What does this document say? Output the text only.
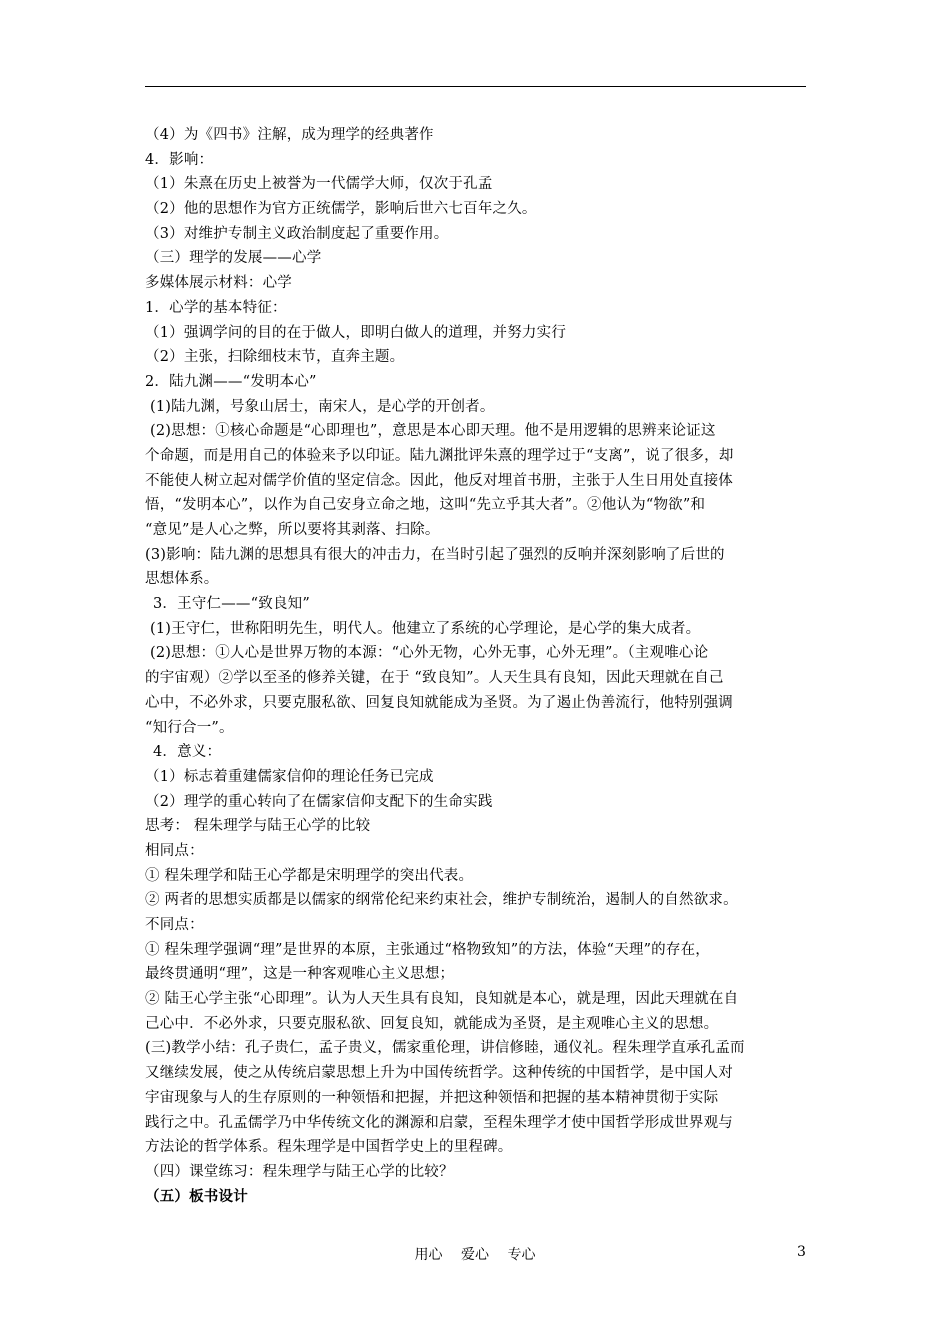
（4）为《四书》注解，成为理学的经典著作
4．影响：
（1）朱熹在历史上被誉为一代儒学大师，仅次于孔孟
（2）他的思想作为官方正统儒学，影响后世六七百年之久。
（3）对维护专制主义政治制度起了重要作用。
（三）理学的发展——心学
多媒体展示材料：心学
1．心学的基本特征：
（1）强调学问的目的在于做人，即明白做人的道理，并努力实行
（2）主张，扫除细枝末节，直奔主题。
2．陆九渊——“发明本心”
(1)陆九渊，号象山居士，南宋人，是心学的开创者。
(2)思想：①核心命题是“心即理也”，意思是本心即天理。他不是用逻辑的思辨来论证这
个命题，而是用自己的体验来予以印证。陆九渊批评朱熹的理学过于“支离”，说了很多，却
不能使人树立起对儒学价值的坚定信念。因此，他反对埋首书册，主张于人生日用处直接体
悟，“发明本心”，以作为自己安身立命之地，这叫“先立乎其大者”。②他认为“物欲”和
“意见”是人心之弊，所以要将其剥落、扫除。
(3)影响：陆九渊的思想具有很大的冲击力，在当时引起了强烈的反响并深刻影响了后世的
思想体系。
3．王守仁——“致良知”
(1)王守仁，世称阳明先生，明代人。他建立了系统的心学理论，是心学的集大成者。
(2)思想：①人心是世界万物的本源：“心外无物，心外无事，心外无理”。（主观唯心论
的宇宙观）②学以至圣的修养关键，在于 “致良知”。人天生具有良知，因此天理就在自己
心中，不必外求，只要克服私欲、回复良知就能成为圣贤。为了遏止伪善流行，他特别强调
“知行合一”。
4．意义：
（1）标志着重建儒家信仰的理论任务已完成
（2）理学的重心转向了在儒家信仰支配下的生命实践
思考： 程朱理学与陆王心学的比较
相同点：
① 程朱理学和陆王心学都是宋明理学的突出代表。
② 两者的思想实质都是以儒家的纲常伦纪来约束社会，维护专制统治，遏制人的自然欲求。
不同点：
① 程朱理学强调“理”是世界的本原，主张通过“格物致知”的方法，体验“天理”的存在，
最终贯通明“理”，这是一种客观唯心主义思想；
② 陆王心学主张“心即理”。认为人天生具有良知，良知就是本心，就是理，因此天理就在自
己心中．不必外求，只要克服私欲、回复良知，就能成为圣贤，是主观唯心主义的思想。
(三)教学小结：孔子贵仁，孟子贵义，儒家重伦理，讲信修睦，通仪礼。程朱理学直承孔孟而
又继续发展，使之从传统启蒙思想上升为中国传统哲学。这种传统的中国哲学，是中国人对
宇宙现象与人的生存原则的一种领悟和把握，并把这种领悟和把握的基本精神贯彻于实际
践行之中。孔孟儒学乃中华传统文化的渊源和启蒙，至程朱理学才使中国哲学形成世界观与
方法论的哲学体系。程朱理学是中国哲学史上的里程碑。
（四）课堂练习：程朱理学与陆王心学的比较？
（五）板书设计
用心 爱心 专心	3
